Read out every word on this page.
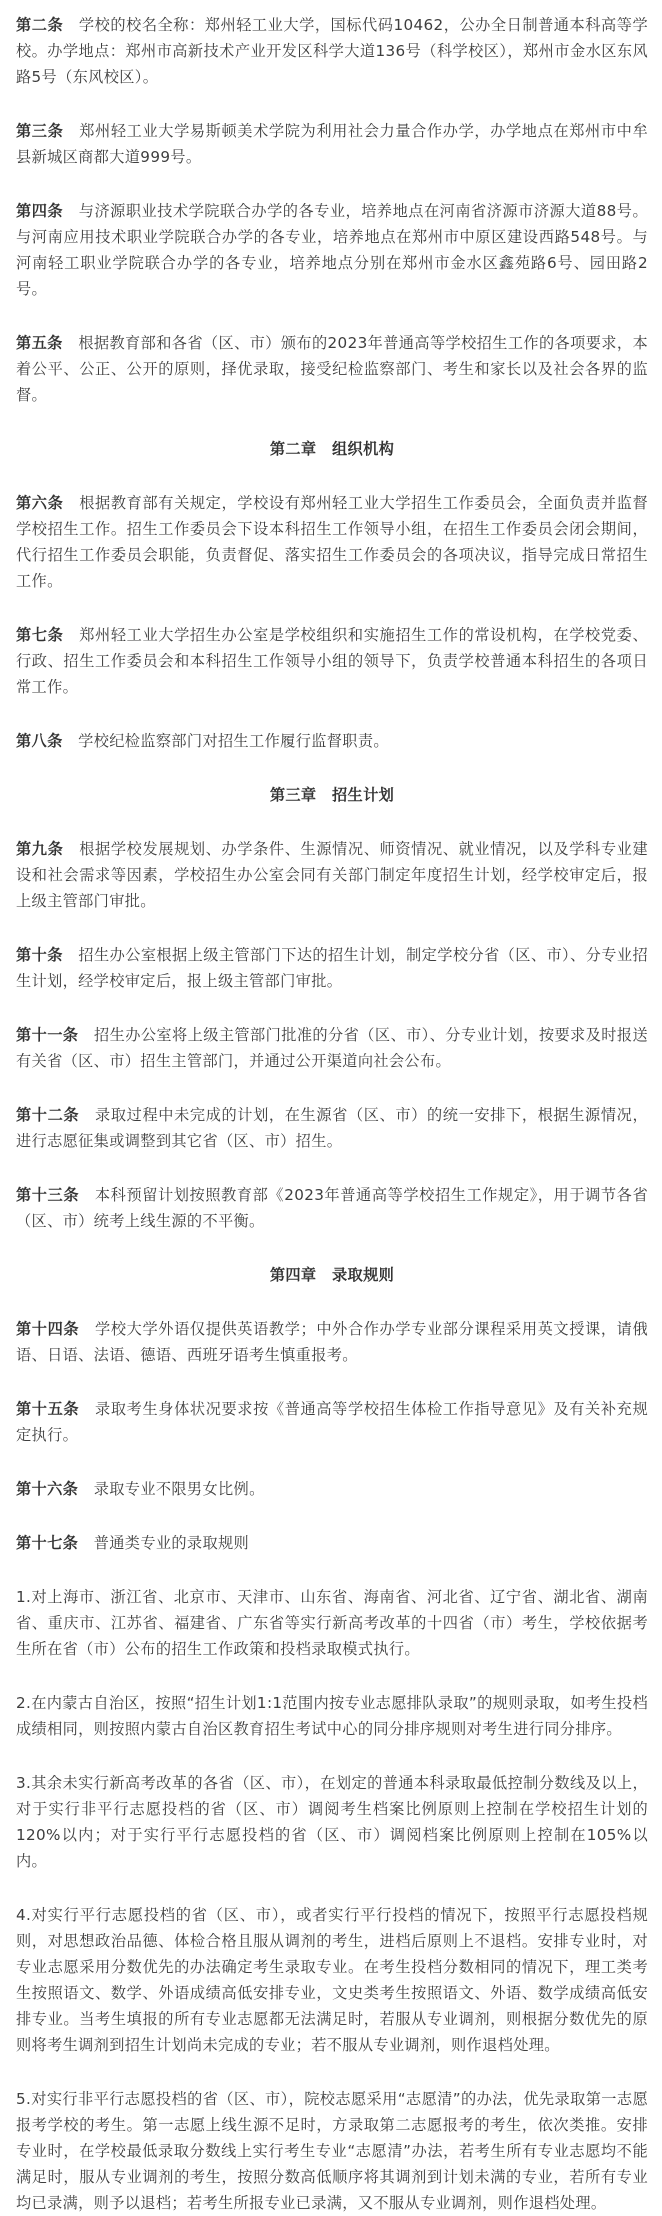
第二条　 学校的校名全称：郑州轻工业大学，国标代码10462，公办全日制普通本科高等学校。办学地点：郑州市高新技术产业开发区科学大道136号（科学校区），郑州市金水区东风路5号（东风校区）。

第三条　 郑州轻工业大学易斯顿美术学院为利用社会力量合作办学，办学地点在郑州市中牟县新城区商都大道999号。

第四条　 与济源职业技术学院联合办学的各专业，培养地点在河南省济源市济源大道88号。与河南应用技术职业学院联合办学的各专业，培养地点在郑州市中原区建设西路548号。与河南轻工职业学院联合办学的各专业，培养地点分别在郑州市金水区鑫苑路6号、园田路2号。

第五条　 根据教育部和各省（区、市）颁布的2023年普通高等学校招生工作的各项要求，本着公平、公正、公开的原则，择优录取，接受纪检监察部门、考生和家长以及社会各界的监督。

第二章　组织机构

第六条　 根据教育部有关规定，学校设有郑州轻工业大学招生工作委员会，全面负责并监督学校招生工作。招生工作委员会下设本科招生工作领导小组，在招生工作委员会闭会期间，代行招生工作委员会职能，负责督促、落实招生工作委员会的各项决议，指导完成日常招生工作。

第七条　 郑州轻工业大学招生办公室是学校组织和实施招生工作的常设机构，在学校党委、行政、招生工作委员会和本科招生工作领导小组的领导下，负责学校普通本科招生的各项日常工作。

第八条　 学校纪检监察部门对招生工作履行监督职责。

第三章　招生计划

第九条　 根据学校发展规划、办学条件、生源情况、师资情况、就业情况，以及学科专业建设和社会需求等因素，学校招生办公室会同有关部门制定年度招生计划，经学校审定后，报上级主管部门审批。

第十条　 招生办公室根据上级主管部门下达的招生计划，制定学校分省（区、市）、分专业招生计划，经学校审定后，报上级主管部门审批。

第十一条　 招生办公室将上级主管部门批准的分省（区、市）、分专业计划，按要求及时报送有关省（区、市）招生主管部门，并通过公开渠道向社会公布。

第十二条　 录取过程中未完成的计划，在生源省（区、市）的统一安排下，根据生源情况，进行志愿征集或调整到其它省（区、市）招生。

第十三条　 本科预留计划按照教育部《2023年普通高等学校招生工作规定》，用于调节各省（区、市）统考上线生源的不平衡。

第四章　录取规则

第十四条　 学校大学外语仅提供英语教学；中外合作办学专业部分课程采用英文授课，请俄语、日语、法语、德语、西班牙语考生慎重报考。

第十五条　 录取考生身体状况要求按《普通高等学校招生体检工作指导意见》及有关补充规定执行。

第十六条　 录取专业不限男女比例。

第十七条　 普通类专业的录取规则

1.对上海市、浙江省、北京市、天津市、山东省、海南省、河北省、辽宁省、湖北省、湖南省、重庆市、江苏省、福建省、广东省等实行新高考改革的十四省（市）考生，学校依据考生所在省（市）公布的招生工作政策和投档录取模式执行。

2.在内蒙古自治区，按照“招生计划1:1范围内按专业志愿排队录取”的规则录取，如考生投档成绩相同，则按照内蒙古自治区教育招生考试中心的同分排序规则对考生进行同分排序。

3.其余未实行新高考改革的各省（区、市），在划定的普通本科录取最低控制分数线及以上，对于实行非平行志愿投档的省（区、市）调阅考生档案比例原则上控制在学校招生计划的120%以内；对于实行平行志愿投档的省（区、市）调阅档案比例原则上控制在105%以内。

4.对实行平行志愿投档的省（区、市），或者实行平行投档的情况下，按照平行志愿投档规则，对思想政治品德、体检合格且服从调剂的考生，进档后原则上不退档。安排专业时，对专业志愿采用分数优先的办法确定考生录取专业。在考生投档分数相同的情况下，理工类考生按照语文、数学、外语成绩高低安排专业，文史类考生按照语文、外语、数学成绩高低安排专业。当考生填报的所有专业志愿都无法满足时，若服从专业调剂，则根据分数优先的原则将考生调剂到招生计划尚未完成的专业；若不服从专业调剂，则作退档处理。

5.对实行非平行志愿投档的省（区、市），院校志愿采用“志愿清”的办法，优先录取第一志愿报考学校的考生。第一志愿上线生源不足时，方录取第二志愿报考的考生，依次类推。安排专业时，在学校最低录取分数线上实行考生专业“志愿清”办法，若考生所有专业志愿均不能满足时，服从专业调剂的考生，按照分数高低顺序将其调剂到计划未满的专业，若所有专业均已录满，则予以退档；若考生所报专业已录满，又不服从专业调剂，则作退档处理。
